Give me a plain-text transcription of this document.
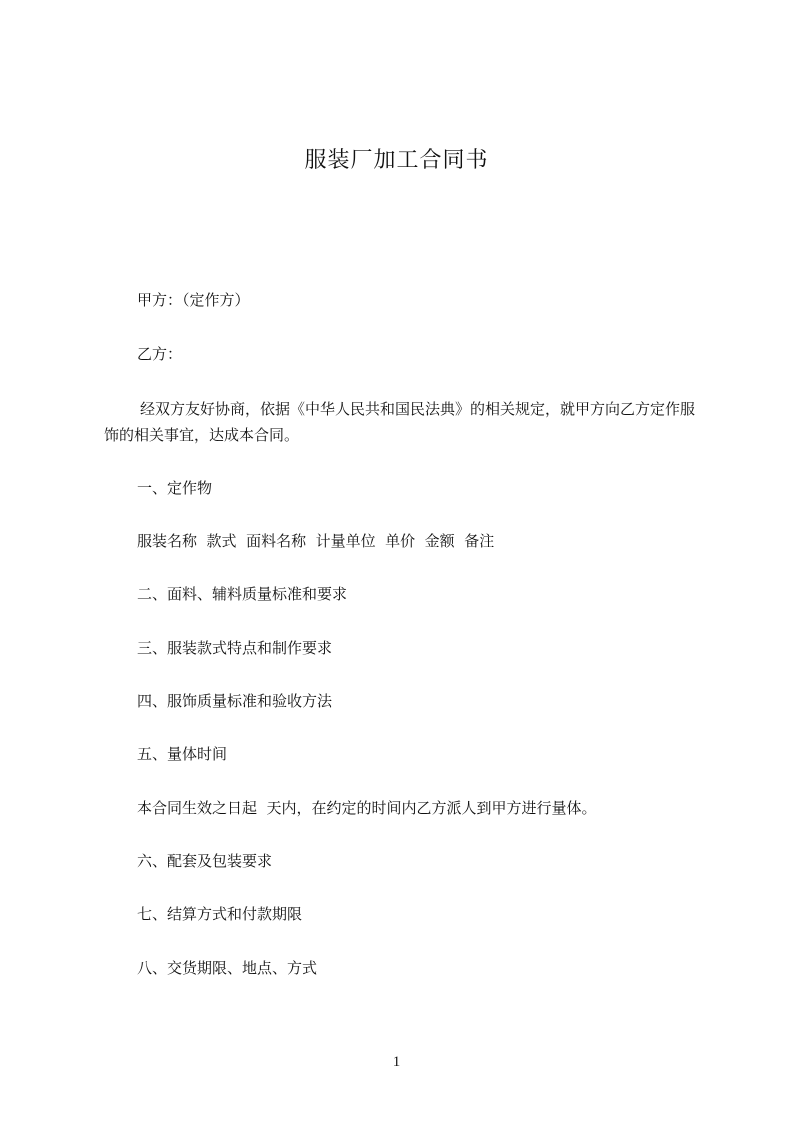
服装厂加工合同书
甲方：（定作方）
乙方：
经双方友好协商，依据《中华人民共和国民法典》的相关规定，就甲方向乙方定作服饰的相关事宜，达成本合同。
一、定作物
服装名称  款式  面料名称  计量单位  单价  金额  备注
二、面料、辅料质量标准和要求
三、服装款式特点和制作要求
四、服饰质量标准和验收方法
五、量体时间
本合同生效之日起  天内，在约定的时间内乙方派人到甲方进行量体。
六、配套及包装要求
七、结算方式和付款期限
八、交货期限、地点、方式
1
